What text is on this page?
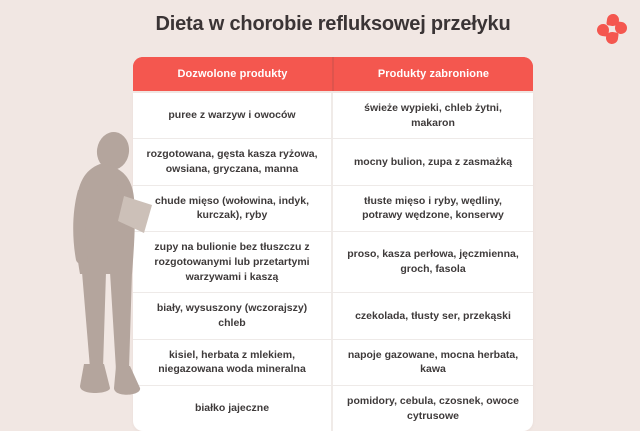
Dieta w chorobie refluksowej przełyku
Dozwolone produkty	Produkty zabronione
puree z warzyw i owoców
świeże wypieki, chleb żytni, makaron
rozgotowana, gęsta kasza ryżowa, owsiana, gryczana, manna
mocny bulion, zupa z zasmażką
chude mięso (wołowina, indyk, kurczak), ryby
tłuste mięso i ryby, wędliny, potrawy wędzone, konserwy
zupy na bulionie bez tłuszczu z rozgotowanymi lub przetartymi warzywami i kaszą
proso, kasza perłowa, jęczmienna, groch, fasola
biały, wysuszony (wczorajszy) chleb
czekolada, tłusty ser, przekąski
kisiel, herbata z mlekiem, niegazowana woda mineralna
napoje gazowane, mocna herbata, kawa
białko jajeczne
pomidory, cebula, czosnek, owoce cytrusowe
